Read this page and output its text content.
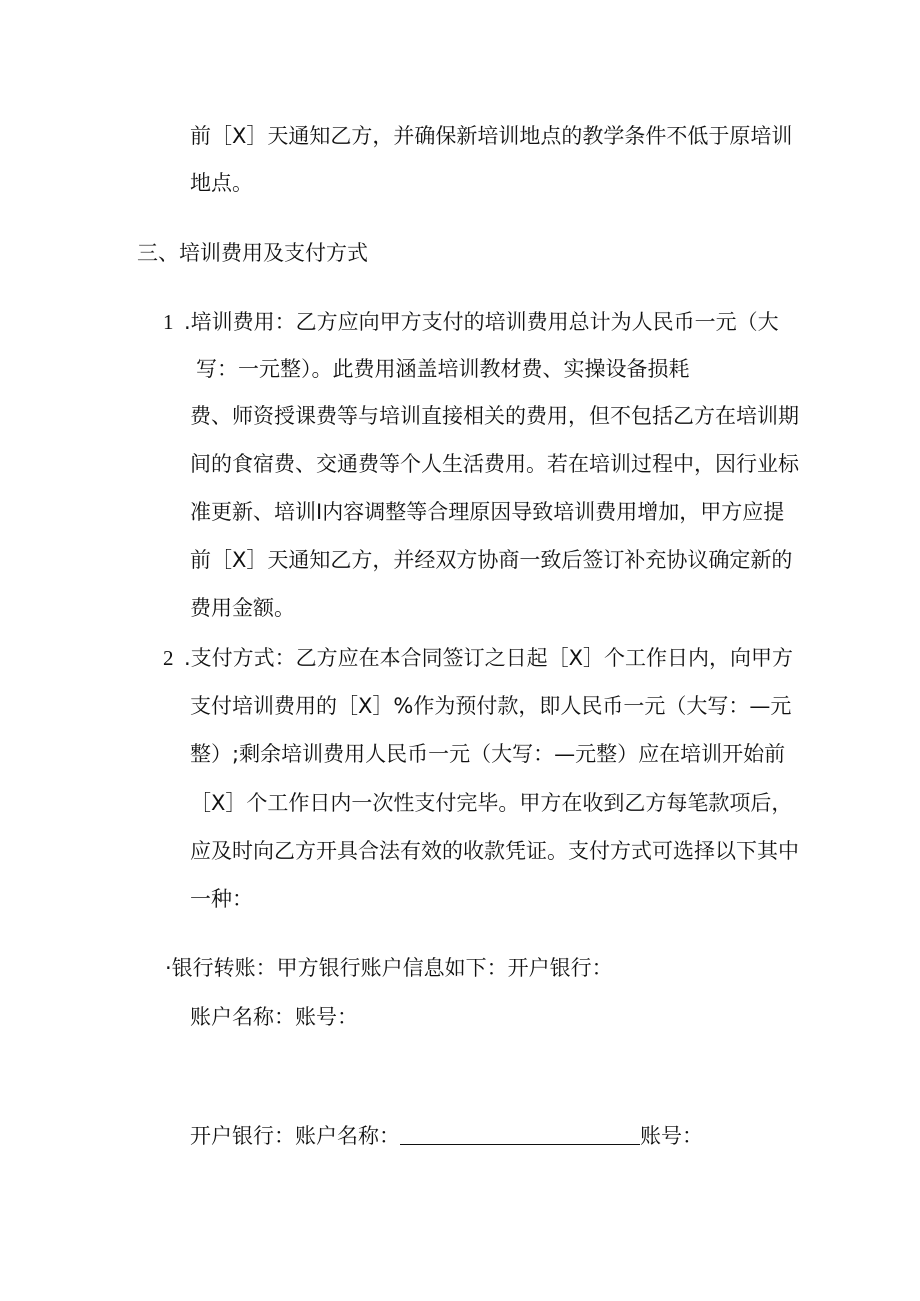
前［X］天通知乙方，并确保新培训地点的教学条件不低于原培训

地点。

三、培训费用及支付方式

1 .培训费用：乙方应向甲方支付的培训费用总计为人民币一元（大

写：一元整）。此费用涵盖培训教材费、实操设备损耗

费、师资授课费等与培训直接相关的费用，但不包括乙方在培训期

间的食宿费、交通费等个人生活费用。若在培训过程中，因行业标

准更新、培训I内容调整等合理原因导致培训费用增加，甲方应提

前［X］天通知乙方，并经双方协商一致后签订补充协议确定新的

费用金额。

2 .支付方式：乙方应在本合同签订之日起［X］个工作日内，向甲方

支付培训费用的［X］%作为预付款，即人民币一元（大写：—元

整）;剩余培训费用人民币一元（大写：—元整）应在培训开始前

［X］个工作日内一次性支付完毕。甲方在收到乙方每笔款项后，

应及时向乙方开具合法有效的收款凭证。支付方式可选择以下其中

一种：

·银行转账：甲方银行账户信息如下：开户银行：

账户名称：账号：

开户银行：账户名称：	账号：
